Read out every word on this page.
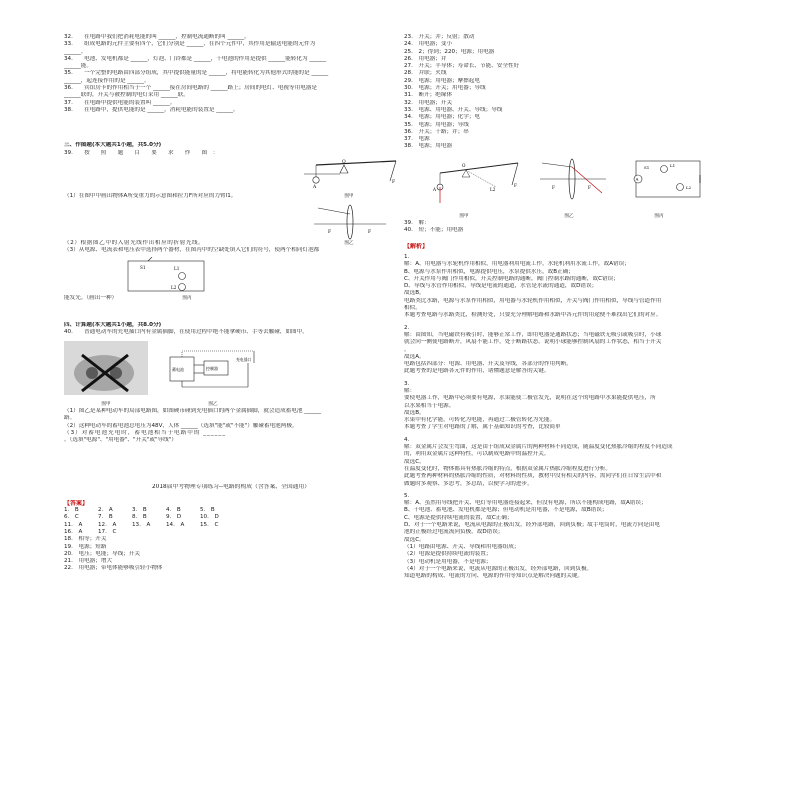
32.　　在电路中我们把消耗电能的叫 ______，控制电流通断的叫 ______。
33.　　组成电路的元件主要有四个，它们分别是 ______，在四个元件中，其作用是输送电能的元件为
______。
34.　　电池、发电机都是 ______，灯泡、门铃都是 ______，干电池的作用是提供 ______能转化为 ______
______能。
35.　　一个完整的电路由四部分组成，其中提供能量的是 ______，将电能转化为其他形式的能的是 ______
______，起连接作用的是 ______。
36.　　宾馆房卡的作用相当于一个 ______接在房间电路的 ______路上；房间的电灯、电视等用电器是
______联的，开关与被控制的电灯采用 ______联。
37.　　在电路中提供电能的装置叫 ______。
38.　　在电路中，提供电能的是 ______，消耗电能的装置是 ______。
三、作图题(本大题共1小题，共5.0分)
39.　　按　　照　　题　　目　　要　　求　　作　　图　：
A
O
F
（1）在图甲中画出物体A所受重力的示意图和拉力F所对应的力臂l1。	图甲
F	F
（2）根据图乙中的入射光线作出相应的折射光线。	图乙
（3）从电源、电流表和电压表中选择两个器材，在图丙中的空缺处填入它们的符号，使两个相同灯泡都
S1	L1
L2
能发光。（画出一种）	图丙
四、计算题(本大题共1小题，共8.0分)
40.　　普通电动车的充电插口内有金属插脚，在使用过程中绝不能拿硬币、手等去触碰，如图甲。
蓄电池	控制器
充电插口
图甲	图乙
（1）图乙是某种电动车的局部电路图，如图硬币碰到充电插口的两个金属插脚，就会造成蓄电池 ______
路。
（2）这种电动车的蓄电池总电压为48V，人体 ______（选填"能"或"不能"）触碰蓄电池两极。
（3）对蓄电池充电时，蓄电池相当于电路中的 ______
。（选填"电源"、"用电器"、"开关"或"导线"）
2018届中考物理专项练习--电路的构成（含答案、全国通用）
【答案】
1.　B	2.　A	3.　B	4.　B	5.　B
6.　C	7.　B	8.　B	9.　D	10.　D
11.　A	12.　A	13.　A	14.　A	15.　C
16.　A	17.　C
18.　相等；开关
19.　电源；短路
20.　电压；电能；导线；开关
21.　用电器；增大
22.　用电器；带电体能够吸引轻小物体
23.　开关；并；反射；散动
24.　用电器；变小
25.　2；得到；220；电源；用电器
26.　用电器；并
27.　开关；半导体；寿命长、节能、安全性好
28.　并联；火线
29.　电源；用电器；摩擦起电
30.　电源；开关；用电器；导线
31.　断开；绝缘体
32.　用电器；开关
33.　电源、用电器、开关、导线；导线
34.　电源；用电器；化学；电
35.　电源；用电器；导线
36.　开关；干路；并；串
37.　电源
38.　电源；用电器
A
O
L2
F	F	F
A
S1	L1
L2
图甲	图乙	图丙
39.　解：
40.　短；不能；用电器
【解析】
1.
解：A、用电器与水轮机作用相似，用电器利用电流工作，水轮机利用水流工作，故A错误；
B、电源与水泵作用相似，电源提供电压，水泵提供水压，故B正确；
C、开关作用与阀门作用相似，开关控制电路的通断，阀门控制水路的通断，故C错误；
D、导线与水管作用相似，导线是电流的通道，水管是水流的通道，故D错误；
故选B。
电路类比水路，电源与水泵作用相似，用电器与水轮机作用相似，开关与阀门作用相似，导线与管道作用
相似。
本题考查电路与水路类比，检测好处，只要充分理解电路和水路中各元件的用途便不难找出它们的对应。
2.
解：由图知，当电磁铁有吸引时，能够正常工作，即用电器是通路状态；当电磁铁无吸引或吸引时，小球
就会向一侧使电路断开，风扇不能工作，处于断路状态。说明小球能够控制风扇的工作状态，相当于开关
。
故选A。
电路包括四部分：电源、用电器、开关及导线，各部分的作用判断。
此题考查的是电路各元件的作用，诸懂题意是解答的关键。
3.
解：
要使电器工作，电路中必须要有电源，水果能使二极管发光，说明在这个的电路中水果能提供电压，所
以水果相当于电源。
故选B。
水果中有化学能，可转化为电能，再通过二极管转化为光能。
本题考查了学生对电路的了解，属于基础知识的考查，比较简单
4.
解：双金属片会发生弯曲，这是由于组成双金属片的两种材料不同造成，随温度变化热胀冷缩的程度不同造成
的，利用双金属片这种特性，可以制成电路中的温控开关。
故选C。
在温度变化时，物体都具有热胀冷缩的特点，根据双金属片热胀冷缩程度进行分析。
此题考查两种材料的热胀冷缩的性质，对材料的性质，教材中没有相关的内容，需同学们在日常生活中和
做题时多观察、多思考，多总结，以便学习的进步。
5.
解：A、虽然用导线把开关、电灯等用电器连接起来，但没有电源，所以不能构成电路，故A错误；
B、干电池、蓄电池、发电机都是电源；但电动机是用电器，不是电源，故B错误；
C、电源是提供持续电流的装置，故C正确；
D、对于一个电路来说，电流从电源的正极出发，经外部电路，回到负极；故手电筒时，电流方向是由电
池的正极经过电流流向负极，故D错误；
故选C。
（1）电路由电源、开关、导线和用电器组成；
（2）电源是提供持续电流的装置；
（3）电动机是用电器，不是电源；
（4）对于一个电路来说，电流从电源的正极出发，经外部电路，回到负极。
知道电路的构成、电流的方向、电源的作用等知识点是解决问题的关键。
